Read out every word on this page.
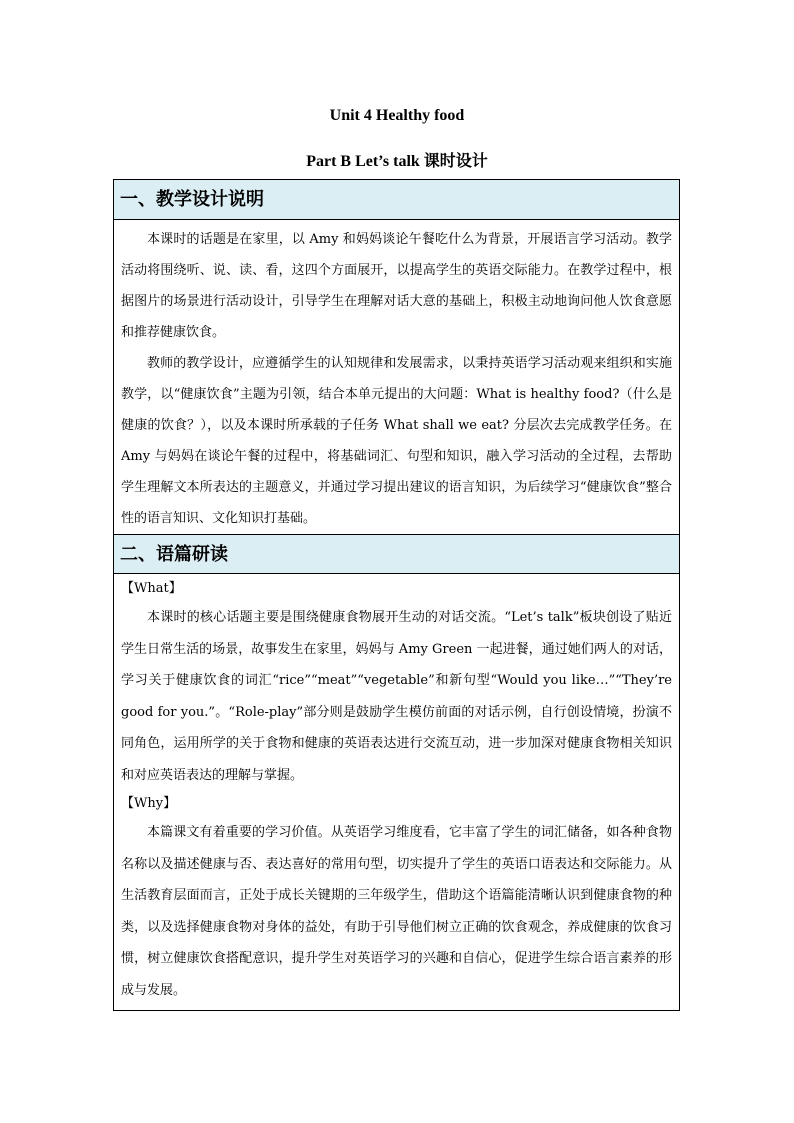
Unit 4 Healthy food
Part B Let’s talk 课时设计
一、教学设计说明

本课时的话题是在家里，以 Amy 和妈妈谈论午餐吃什么为背景，开展语言学习活动。教学活动将围绕听、说、读、看，这四个方面展开，以提高学生的英语交际能力。在教学过程中，根据图片的场景进行活动设计，引导学生在理解对话大意的基础上，积极主动地询问他人饮食意愿和推荐健康饮食。

教师的教学设计，应遵循学生的认知规律和发展需求，以秉持英语学习活动观来组织和实施教学，以“健康饮食”主题为引领，结合本单元提出的大问题：What is healthy food?（什么是健康的饮食？），以及本课时所承载的子任务 What shall we eat? 分层次去完成教学任务。在 Amy 与妈妈在谈论午餐的过程中，将基础词汇、句型和知识，融入学习活动的全过程，去帮助学生理解文本所表达的主题意义，并通过学习提出建议的语言知识，为后续学习“健康饮食”整合性的语言知识、文化知识打基础。

二、语篇研读
【What】

本课时的核心话题主要是围绕健康食物展开生动的对话交流。“Let’s talk”板块创设了贴近学生日常生活的场景，故事发生在家里，妈妈与 Amy Green 一起进餐，通过她们两人的对话，学习关于健康饮食的词汇“rice”“meat”“vegetable”和新句型“Would you like…”“They’re good for you.”。“Role-play”部分则是鼓励学生模仿前面的对话示例，自行创设情境，扮演不同角色，运用所学的关于食物和健康的英语表达进行交流互动，进一步加深对健康食物相关知识和对应英语表达的理解与掌握。

【Why】

本篇课文有着重要的学习价值。从英语学习维度看，它丰富了学生的词汇储备，如各种食物名称以及描述健康与否、表达喜好的常用句型，切实提升了学生的英语口语表达和交际能力。从生活教育层面而言，正处于成长关键期的三年级学生，借助这个语篇能清晰认识到健康食物的种类，以及选择健康食物对身体的益处，有助于引导他们树立正确的饮食观念，养成健康的饮食习惯，树立健康饮食搭配意识，提升学生对英语学习的兴趣和自信心，促进学生综合语言素养的形成与发展。
